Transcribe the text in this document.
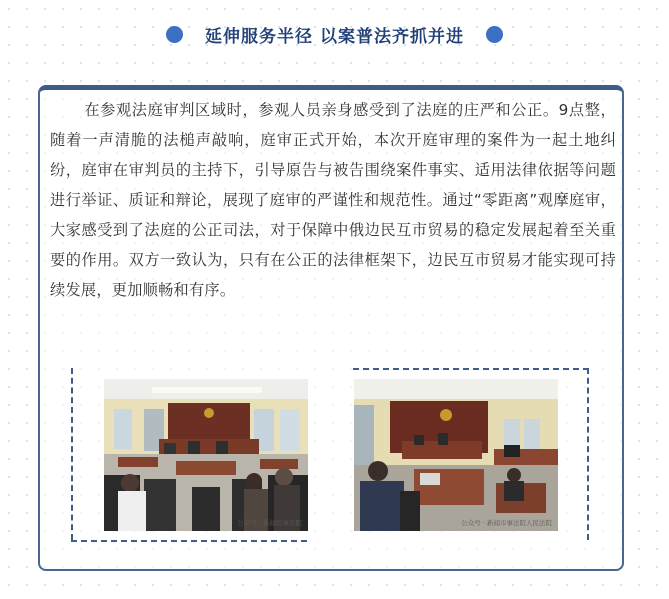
延伸服务半径 以案普法齐抓并进

在参观法庭审判区域时，参观人员亲身感受到了法庭的庄严和公正。9点整，随着一声清脆的法槌声敲响，庭审正式开始，本次开庭审理的案件为一起土地纠纷，庭审在审判员的主持下，引导原告与被告围绕案件事实、适用法律依据等问题进行举证、质证和辩论，展现了庭审的严谨性和规范性。通过“零距离”观摩庭审，大家感受到了法庭的公正司法，对于保障中俄边民互市贸易的稳定发展起着至关重要的作用。双方一致认为，只有在公正的法律框架下，边民互市贸易才能实现可持续发展，更加顺畅和有序。

公众号 · 新闻资事法院	公众号 · 新闻市事法院人民法院
